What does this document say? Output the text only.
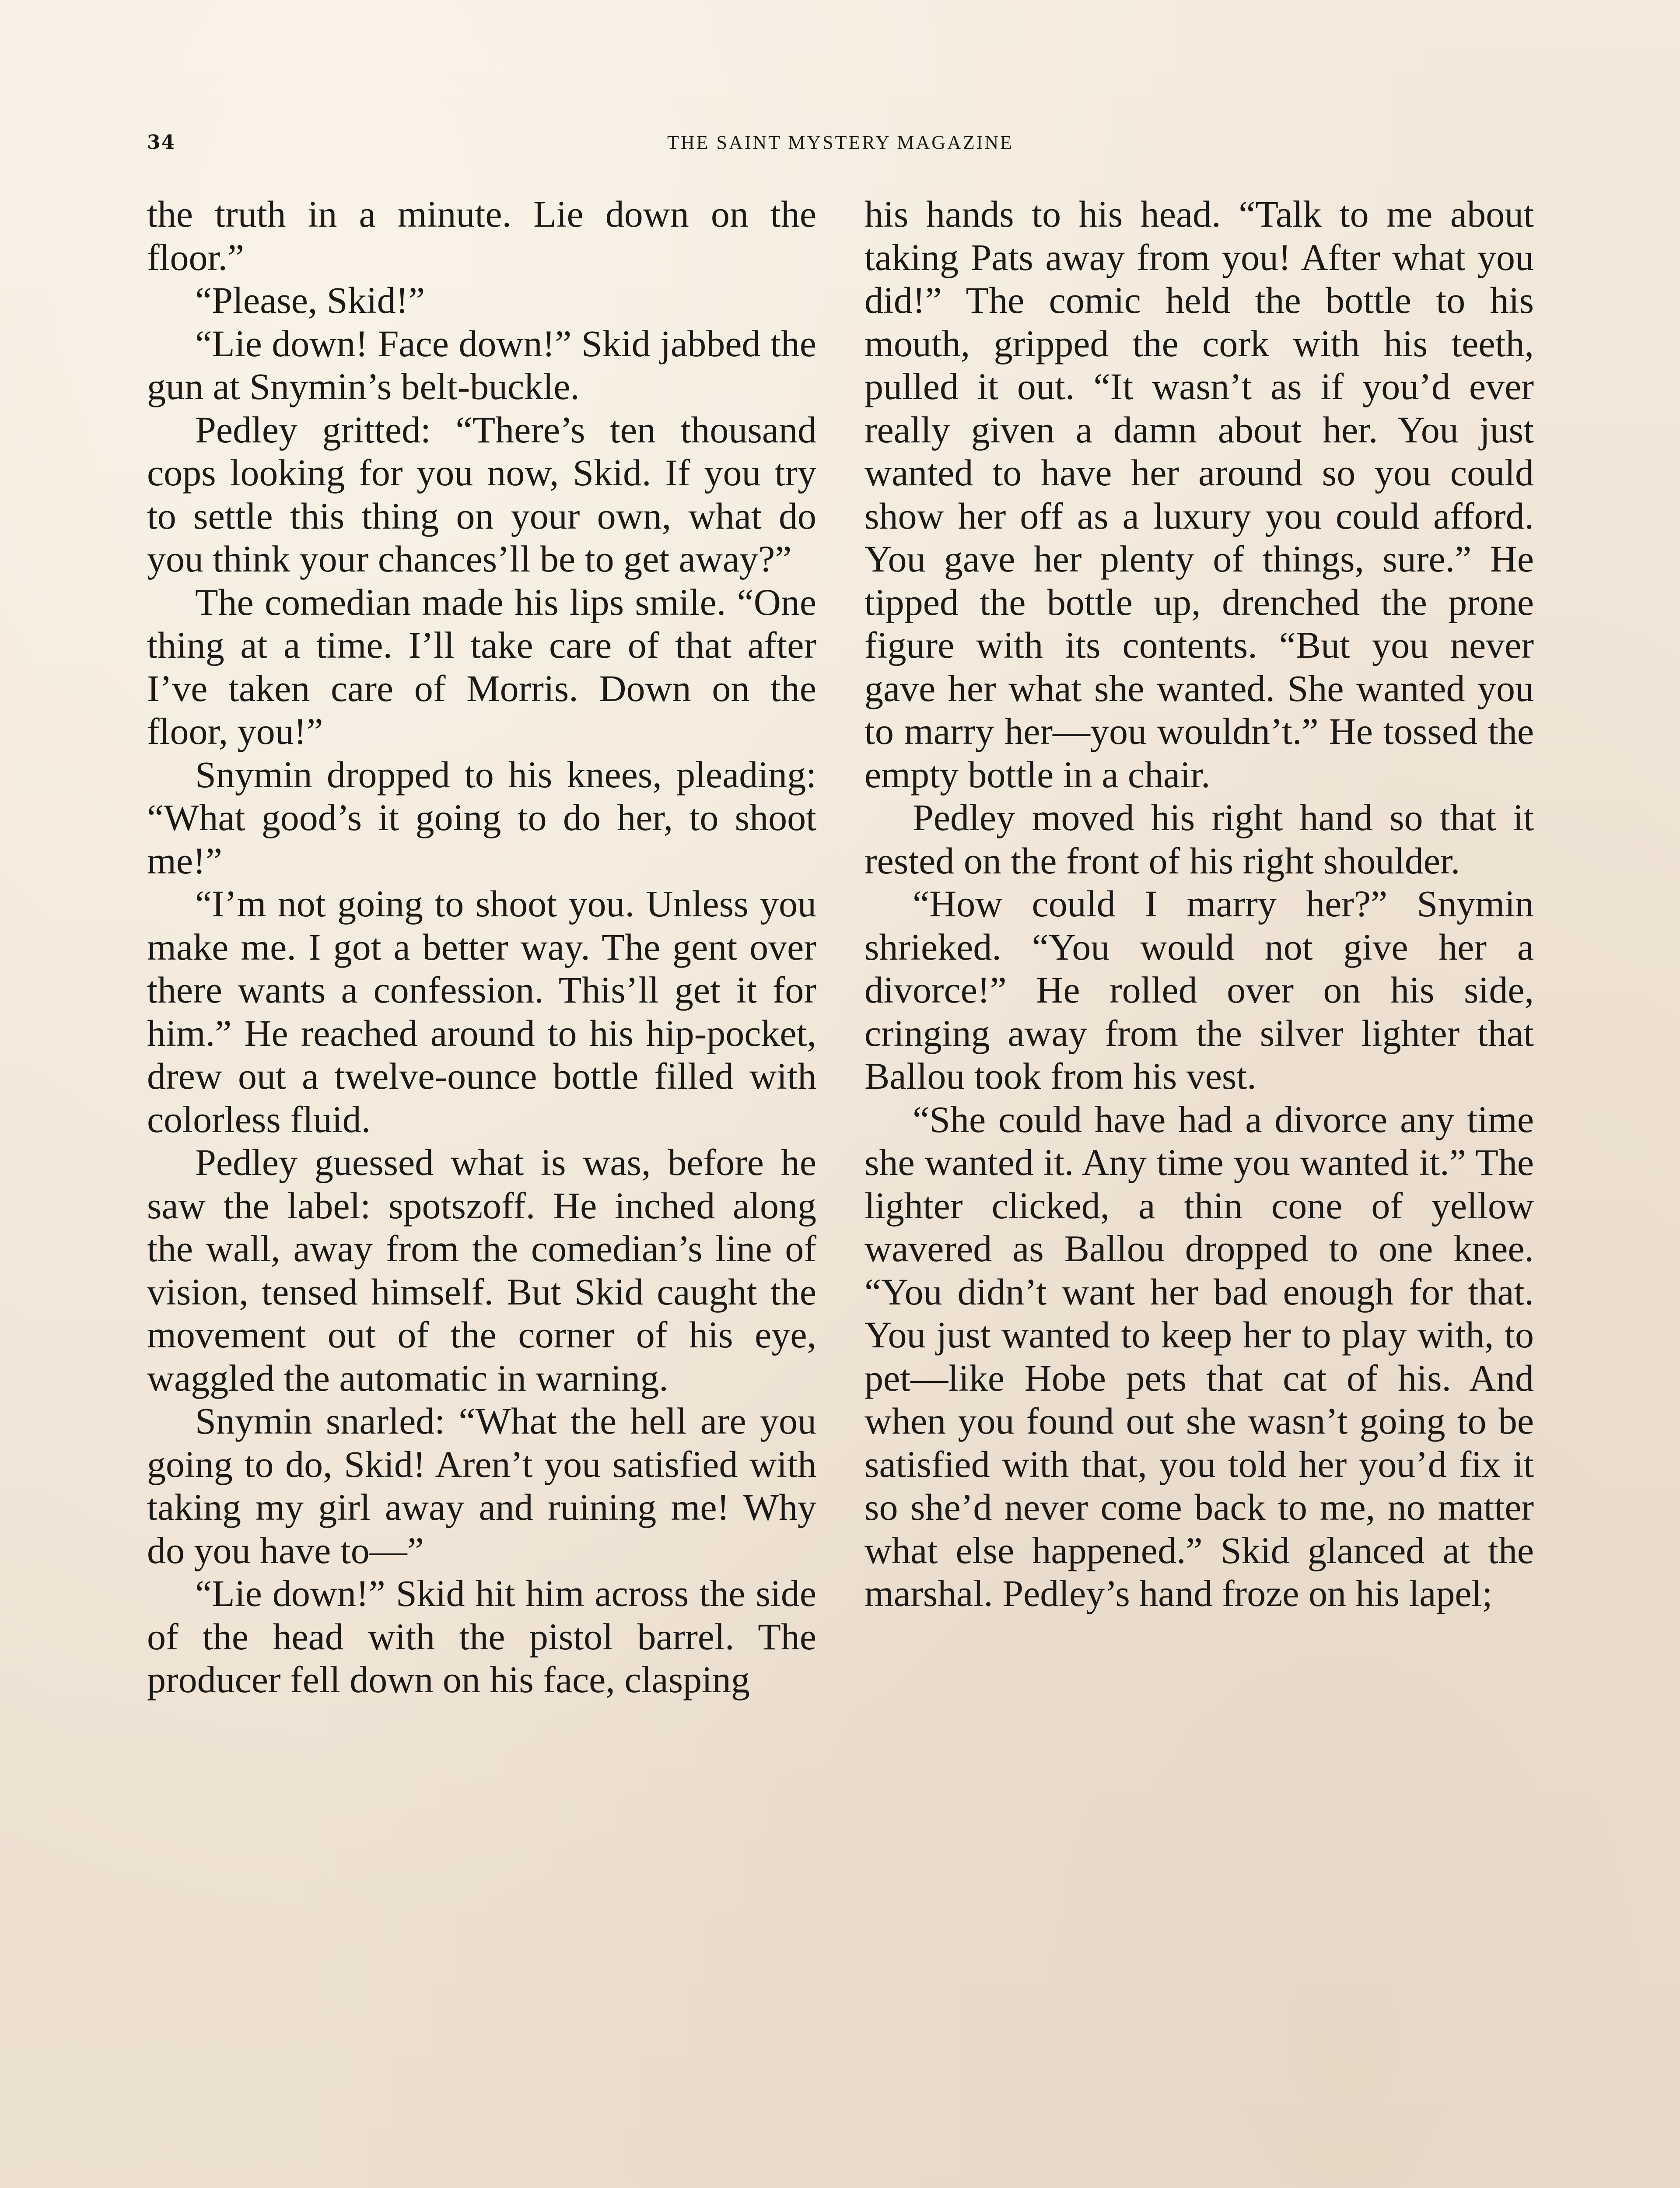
34	THE SAINT MYSTERY MAGAZINE

the truth in a minute. Lie down on the floor.”

“Please, Skid!”

“Lie down! Face down!” Skid jabbed the gun at Snymin’s belt-buckle.

Pedley gritted: “There’s ten thousand cops looking for you now, Skid. If you try to settle this thing on your own, what do you think your chances’ll be to get away?”

The comedian made his lips smile. “One thing at a time. I’ll take care of that after I’ve taken care of Morris. Down on the floor, you!”

Snymin dropped to his knees, pleading: “What good’s it going to do her, to shoot me!”

“I’m not going to shoot you. Unless you make me. I got a better way. The gent over there wants a confession. This’ll get it for him.” He reached around to his hip-pocket, drew out a twelve-ounce bottle filled with colorless fluid.

Pedley guessed what is was, before he saw the label: spotszoff. He inched along the wall, away from the comedian’s line of vision, tensed himself. But Skid caught the movement out of the corner of his eye, waggled the automatic in warning.

Snymin snarled: “What the hell are you going to do, Skid! Aren’t you satisfied with taking my girl away and ruining me! Why do you have to—”

“Lie down!” Skid hit him across the side of the head with the pistol barrel. The producer fell down on his face, clasping

his hands to his head. “Talk to me about taking Pats away from you! After what you did!” The comic held the bottle to his mouth, gripped the cork with his teeth, pulled it out. “It wasn’t as if you’d ever really given a damn about her. You just wanted to have her around so you could show her off as a luxury you could afford. You gave her plenty of things, sure.” He tipped the bottle up, drenched the prone figure with its contents. “But you never gave her what she wanted. She wanted you to marry her—you wouldn’t.” He tossed the empty bottle in a chair.

Pedley moved his right hand so that it rested on the front of his right shoulder.

“How could I marry her?” Snymin shrieked. “You would not give her a divorce!” He rolled over on his side, cringing away from the silver lighter that Ballou took from his vest.

“She could have had a divorce any time she wanted it. Any time you wanted it.” The lighter clicked, a thin cone of yellow wavered as Ballou dropped to one knee. “You didn’t want her bad enough for that. You just wanted to keep her to play with, to pet—like Hobe pets that cat of his. And when you found out she wasn’t going to be satisfied with that, you told her you’d fix it so she’d never come back to me, no matter what else happened.” Skid glanced at the marshal. Pedley’s hand froze on his lapel;
